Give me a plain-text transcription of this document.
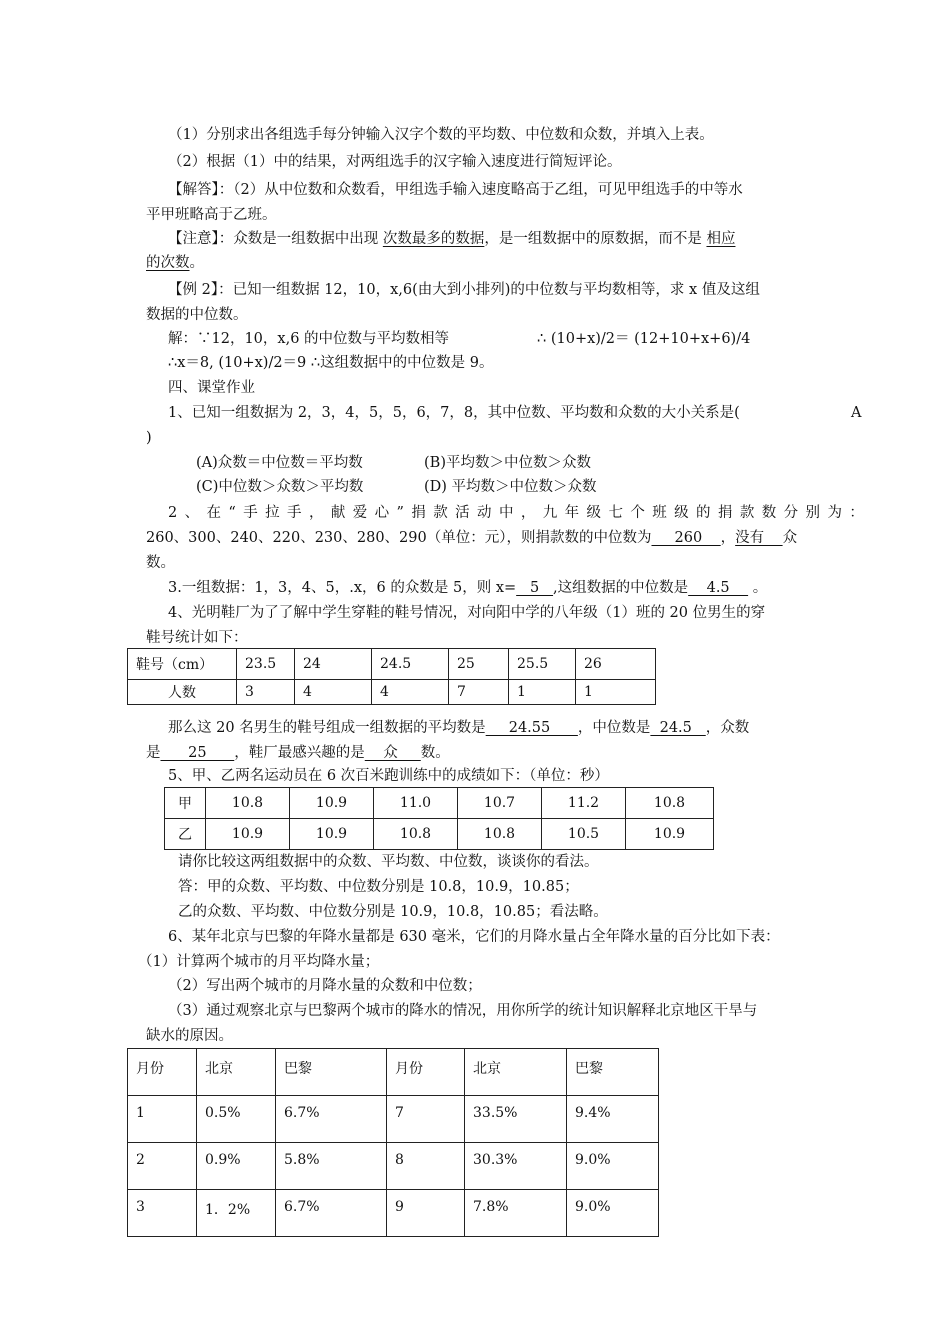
（1）分别求出各组选手每分钟输入汉字个数的平均数、中位数和众数，并填入上表。
（2）根据（1）中的结果，对两组选手的汉字输入速度进行简短评论。
【解答】：（2）从中位数和众数看，甲组选手输入速度略高于乙组，可见甲组选手的中等水
平甲班略高于乙班。
【注意】：众数是一组数据中出现 次数最多的数据，是一组数据中的原数据，而不是 相应
的次数。
【例 2】：已知一组数据 12，10，x,6(由大到小排列)的中位数与平均数相等，求 x 值及这组
数据的中位数。
解：∵12，10，x,6 的中位数与平均数相等	∴ (10+x)/2＝ (12+10+x+6)/4
∴x＝8, (10+x)/2＝9 ∴这组数据中的中位数是 9。
四、课堂作业
1、已知一组数据为 2，3，4，5，5，6，7，8，其中位数、平均数和众数的大小关系是(	A
)
(A)众数＝中位数＝平均数	(B)平均数＞中位数＞众数
(C)中位数＞众数＞平均数	(D) 平均数＞中位数＞众数
2、在“手拉手，献爱心”捐款活动中，九年级七个班级的捐款数分别为：
260、300、240、220、230、280、290（单位：元），则捐款数的中位数为     260    ，没有    众
数。
3.一组数据：1，3，4、5，.x，6 的众数是 5，则 x=   5   ,这组数据的中位数是    4.5     。
4、光明鞋厂为了了解中学生穿鞋的鞋号情况，对向阳中学的八年级（1）班的 20 位男生的穿
鞋号统计如下：
鞋号（cm）	23.5	24	24.5	25	25.5	26
人数	3	4	4	7	1	1
那么这 20 名男生的鞋号组成一组数据的平均数是     24.55      ，中位数是  24.5   ，众数
是      25      ，鞋厂最感兴趣的是    众     数。
5、甲、乙两名运动员在 6 次百米跑训练中的成绩如下：（单位：秒）
甲	10.8	10.9	11.0	10.7	11.2	10.8
乙	10.9	10.9	10.8	10.8	10.5	10.9
请你比较这两组数据中的众数、平均数、中位数，谈谈你的看法。
答：甲的众数、平均数、中位数分别是 10.8，10.9，10.85；
乙的众数、平均数、中位数分别是 10.9，10.8，10.85；看法略。
6、某年北京与巴黎的年降水量都是 630 毫米，它们的月降水量占全年降水量的百分比如下表：
（1）计算两个城市的月平均降水量；
（2）写出两个城市的月降水量的众数和中位数；
（3）通过观察北京与巴黎两个城市的降水的情况，用你所学的统计知识解释北京地区干旱与
缺水的原因。
月份	北京	巴黎	月份	北京	巴黎
1	0.5%	6.7%	7	33.5%	9.4%
2	0.9%	5.8%	8	30.3%	9.0%
3	1．2%	6.7%	9	7.8%	9.0%
